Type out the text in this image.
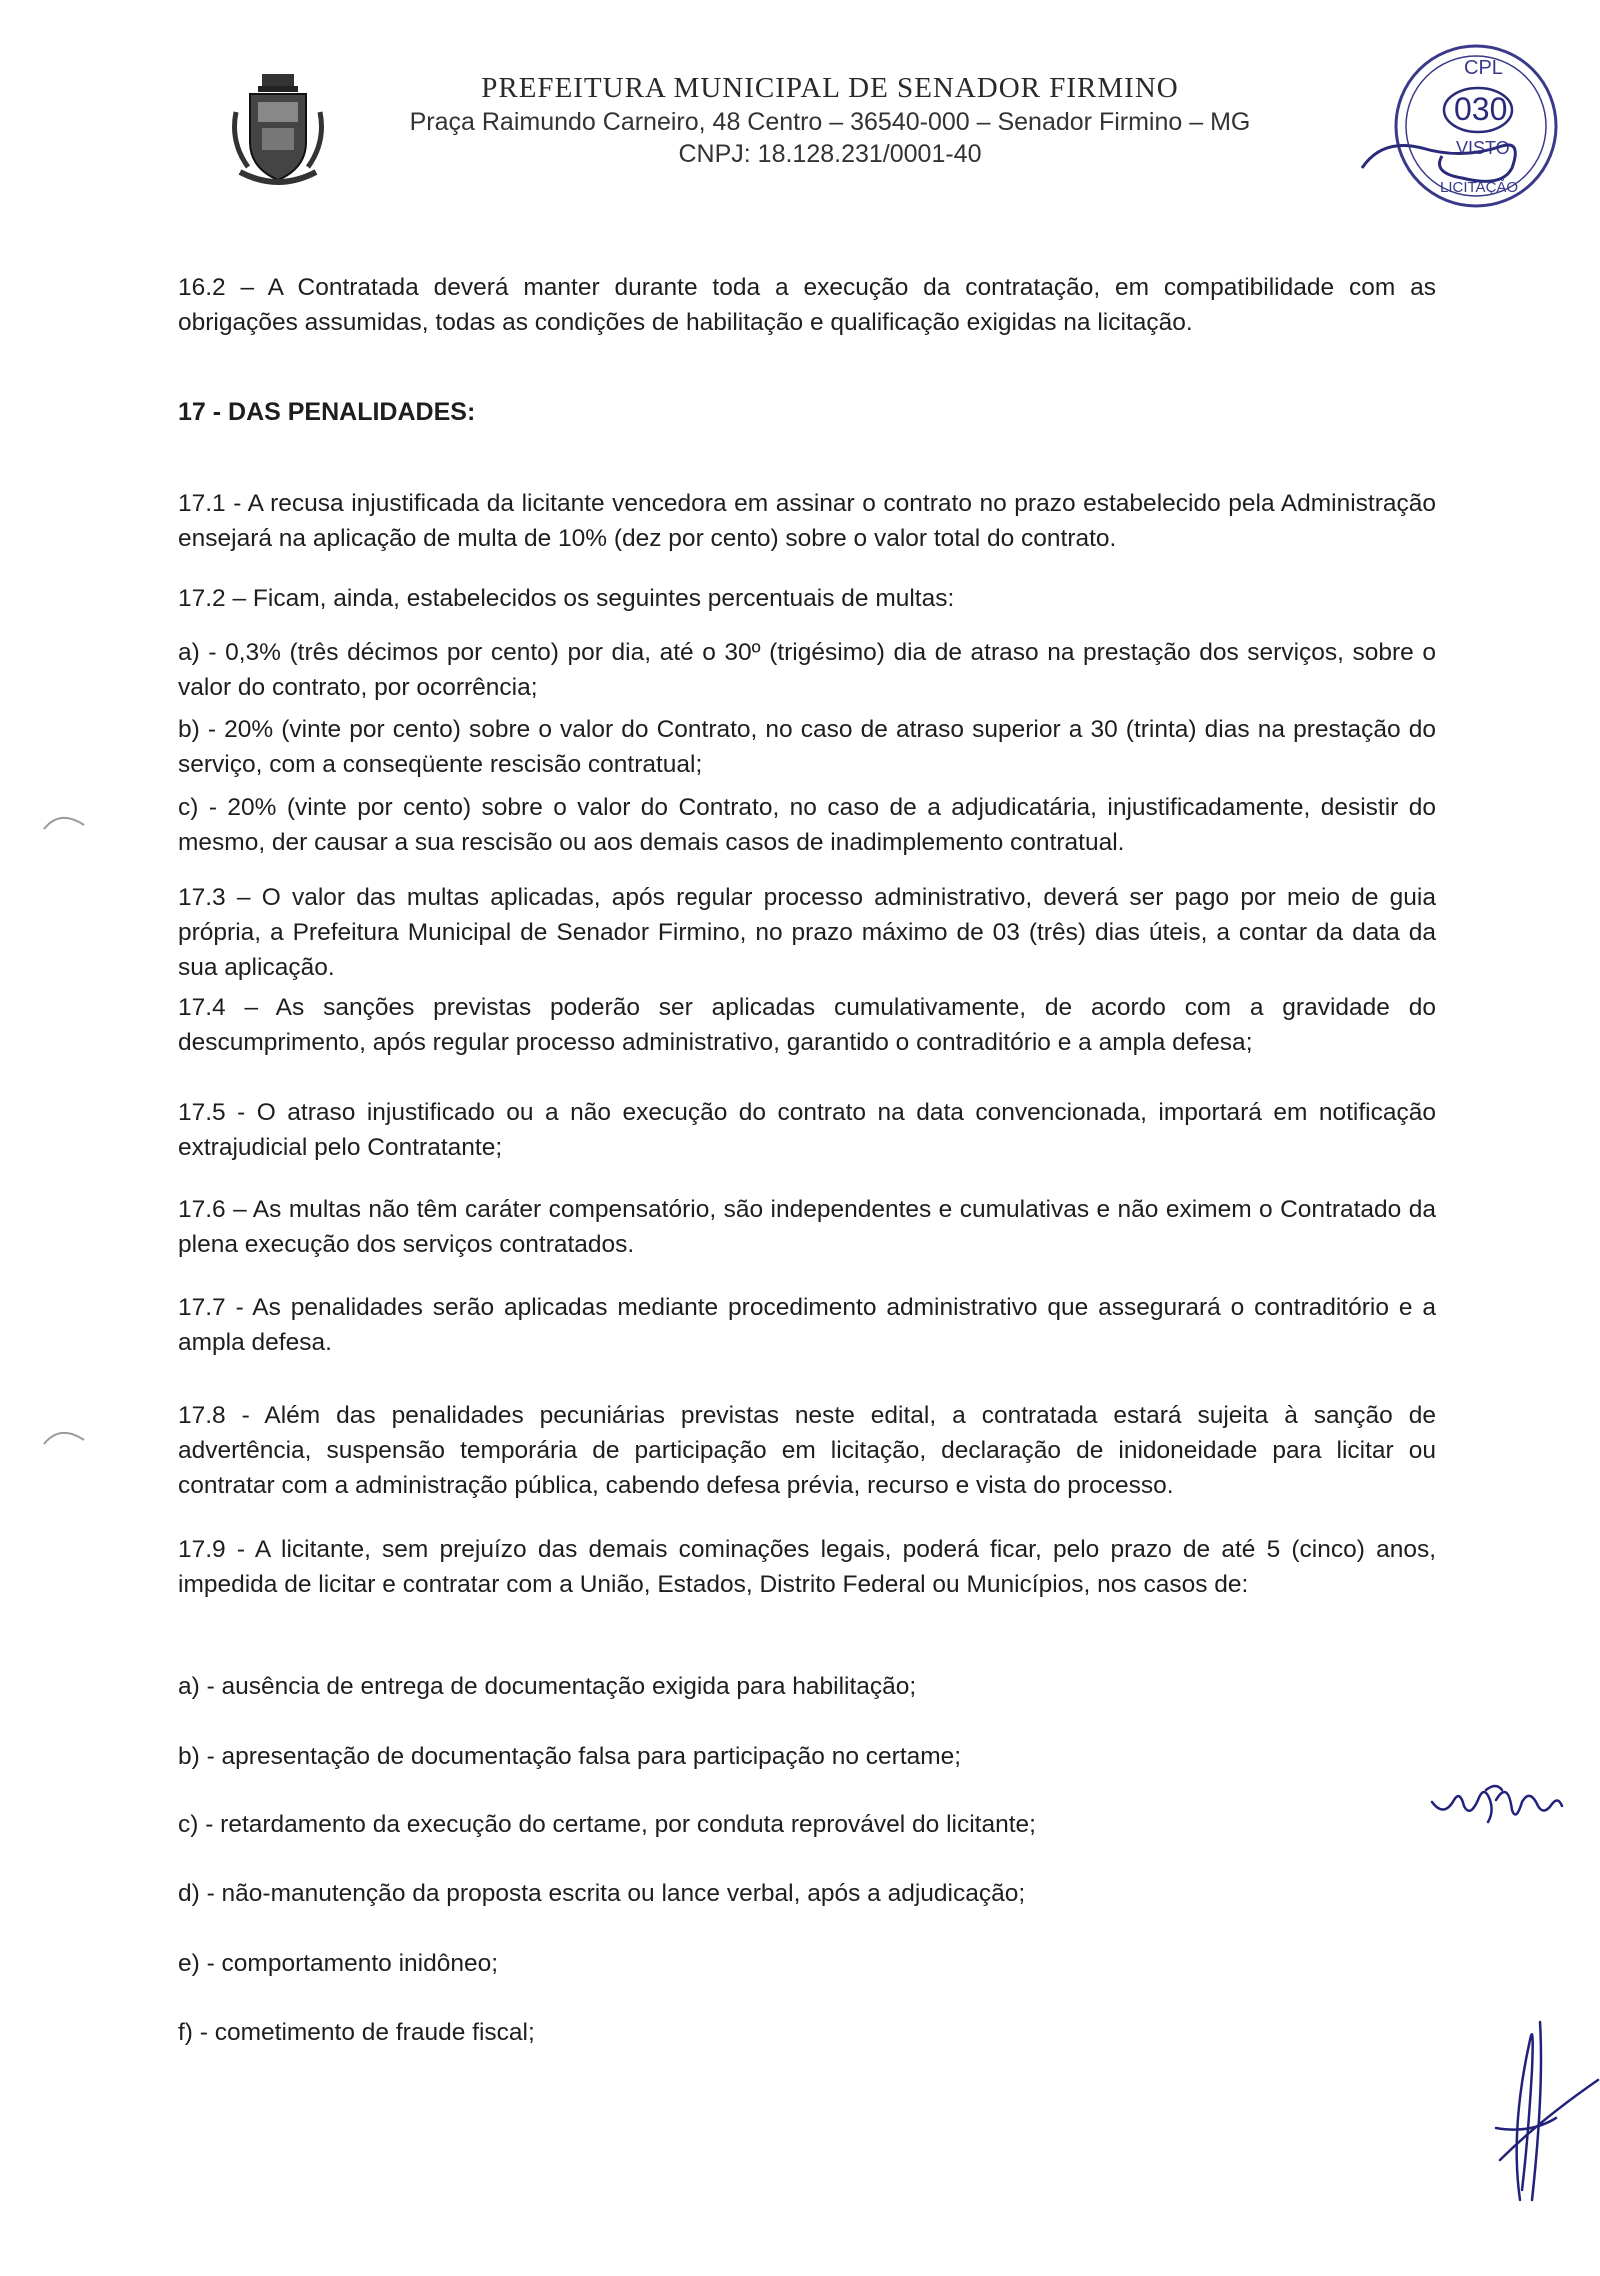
PREFEITURA MUNICIPAL DE SENADOR FIRMINO

Praça Raimundo Carneiro, 48 Centro – 36540-000 – Senador Firmino – MG

CNPJ: 18.128.231/0001-40

CPL
030
VISTO
LICITAÇÃO

16.2 – A Contratada deverá manter durante toda a execução da contratação, em compatibilidade com as obrigações assumidas, todas as condições de habilitação e qualificação exigidas na licitação.

17 - DAS PENALIDADES:

17.1 - A recusa injustificada da licitante vencedora em assinar o contrato no prazo estabelecido pela Administração ensejará na aplicação de multa de 10% (dez por cento) sobre o valor total do contrato.

17.2 – Ficam, ainda, estabelecidos os seguintes percentuais de multas:

a) - 0,3% (três décimos por cento) por dia, até o 30º (trigésimo) dia de atraso na prestação dos serviços, sobre o valor do contrato, por ocorrência;

b) - 20% (vinte por cento) sobre o valor do Contrato, no caso de atraso superior a 30 (trinta) dias na prestação do serviço, com a conseqüente rescisão contratual;

c) - 20% (vinte por cento) sobre o valor do Contrato, no caso de a adjudicatária, injustificadamente, desistir do mesmo, der causar a sua rescisão ou aos demais casos de inadimplemento contratual.

17.3 – O valor das multas aplicadas, após regular processo administrativo, deverá ser pago por meio de guia própria, a Prefeitura Municipal de Senador Firmino, no prazo máximo de 03 (três) dias úteis, a contar da data da sua aplicação.

17.4 – As sanções previstas poderão ser aplicadas cumulativamente, de acordo com a gravidade do descumprimento, após regular processo administrativo, garantido o contraditório e a ampla defesa;

17.5 - O atraso injustificado ou a não execução do contrato na data convencionada, importará em notificação extrajudicial pelo Contratante;

17.6 – As multas não têm caráter compensatório, são independentes e cumulativas e não eximem o Contratado da plena execução dos serviços contratados.

17.7 - As penalidades serão aplicadas mediante procedimento administrativo que assegurará o contraditório e a ampla defesa.

17.8 - Além das penalidades pecuniárias previstas neste edital, a contratada estará sujeita à sanção de advertência, suspensão temporária de participação em licitação, declaração de inidoneidade para licitar ou contratar com a administração pública, cabendo defesa prévia, recurso e vista do processo.

17.9 - A licitante, sem prejuízo das demais cominações legais, poderá ficar, pelo prazo de até 5 (cinco) anos, impedida de licitar e contratar com a União, Estados, Distrito Federal ou Municípios, nos casos de:

a) - ausência de entrega de documentação exigida para habilitação;

b) - apresentação de documentação falsa para participação no certame;

c) - retardamento da execução do certame, por conduta reprovável do licitante;

d) - não-manutenção da proposta escrita ou lance verbal, após a adjudicação;

e) - comportamento inidôneo;

f) - cometimento de fraude fiscal;
